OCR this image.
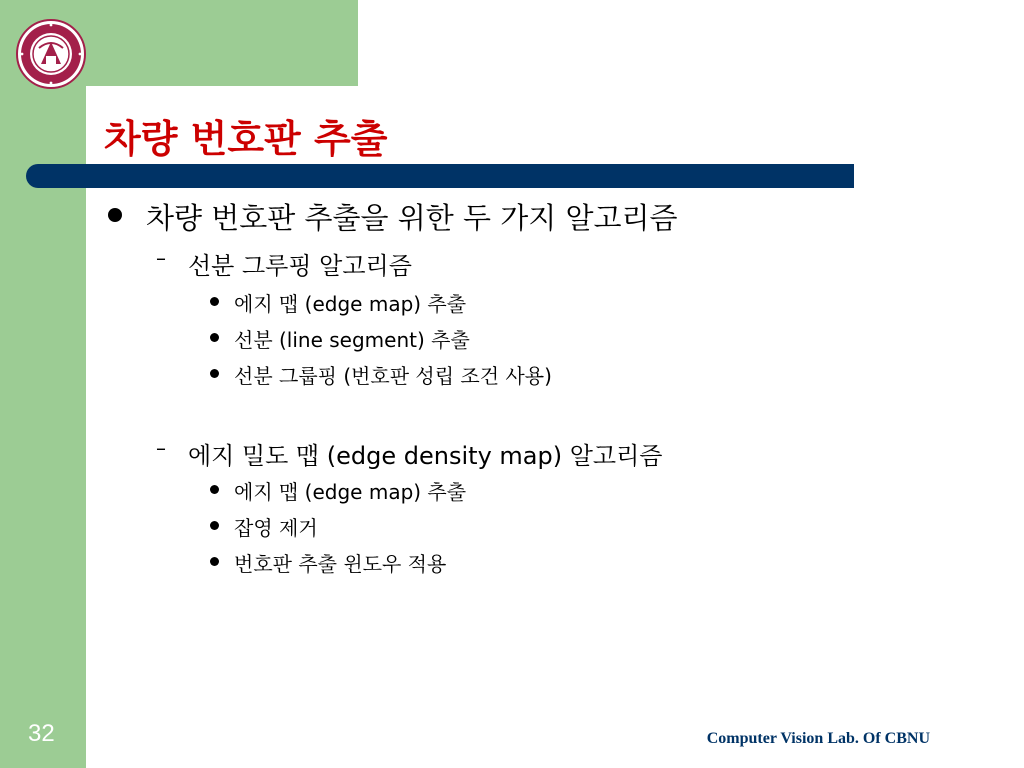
차량 번호판 추출
차량 번호판 추출을 위한 두 가지 알고리즘
– 선분 그루핑 알고리즘
에지 맵 (edge map) 추출
선분 (line segment) 추출
선분 그룹핑 (번호판 성립 조건 사용)
– 에지 밀도 맵 (edge density map) 알고리즘
에지 맵 (edge map) 추출
잡영 제거
번호판 추출 윈도우 적용
32	Computer Vision Lab. Of CBNU
